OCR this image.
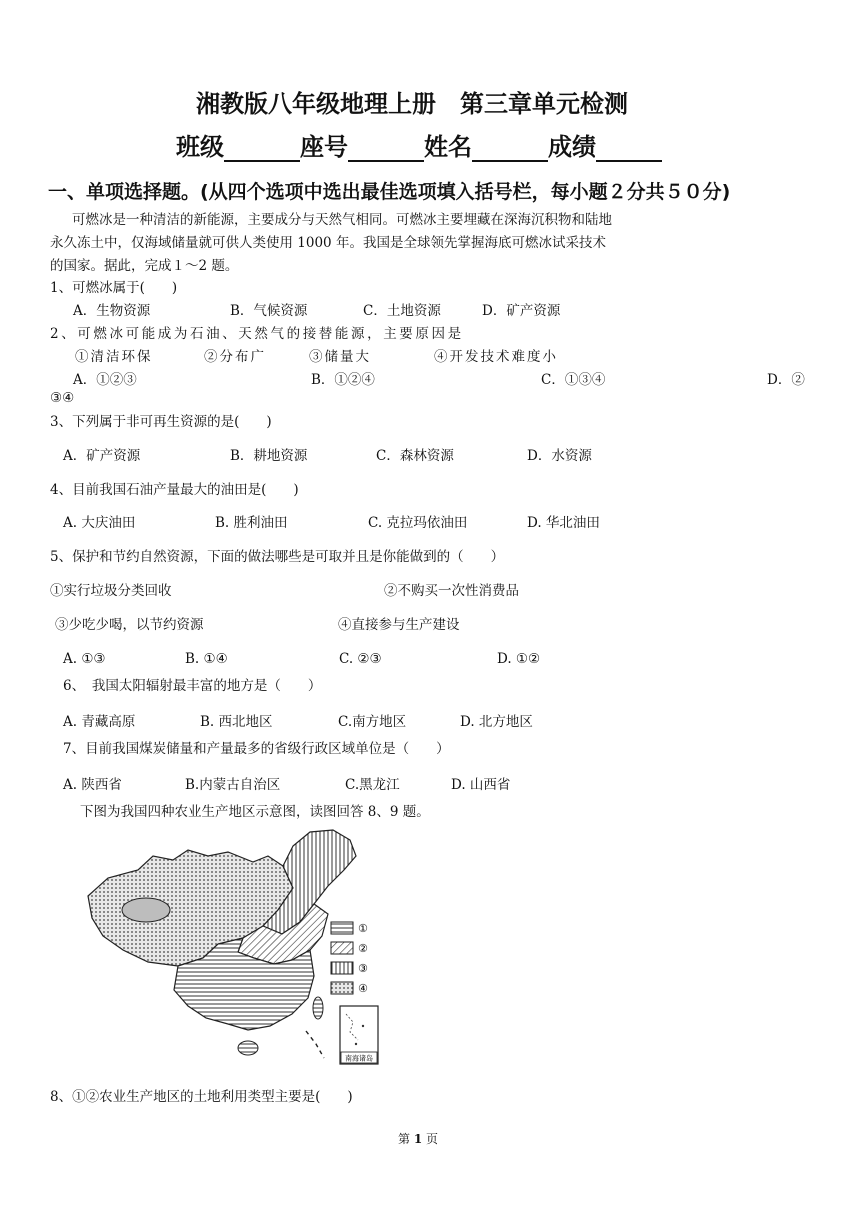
湘教版八年级地理上册　第三章单元检测
班级	座号	姓名	成绩
一、单项选择题。(从四个选项中选出最佳选项填入括号栏，每小题２分共５０分)
可燃冰是一种清洁的新能源，主要成分与天然气相同。可燃冰主要埋藏在深海沉积物和陆地
永久冻土中，仅海域储量就可供人类使用 1000 年。我国是全球领先掌握海底可燃冰试采技术
的国家。据此，完成１～2 题。
1、可燃冰属于(　　)
A．生物资源	B．气候资源	C．土地资源	D．矿产资源
2、可燃冰可能成为石油、天然气的接替能源，主要原因是
①清洁环保	②分布广	③储量大	④开发技术难度小
A．①②③	B．①②④	C．①③④	D．②
③④
3、下列属于非可再生资源的是(　　)
A．矿产资源	B．耕地资源	C．森林资源	D．水资源
4、目前我国石油产量最大的油田是(　　)
A. 大庆油田	B. 胜利油田	C. 克拉玛依油田	D. 华北油田
5、保护和节约自然资源，下面的做法哪些是可取并且是你能做到的（　　）
①实行垃圾分类回收	②不购买一次性消费品
③少吃少喝，以节约资源	④直接参与生产建设
A. ①③	B. ①④	C. ②③	D. ①②
6、　我国太阳辐射最丰富的地方是（　　）
A. 青藏高原	B. 西北地区	C.南方地区	D. 北方地区
7、目前我国煤炭储量和产量最多的省级行政区域单位是（　　）
A. 陕西省	B.内蒙古自治区	C.黑龙江	D. 山西省
下图为我国四种农业生产地区示意图，读图回答 8、9 题。
①
②
③
④
南海诸岛
8、①②农业生产地区的土地利用类型主要是(　　)
第 1 页
